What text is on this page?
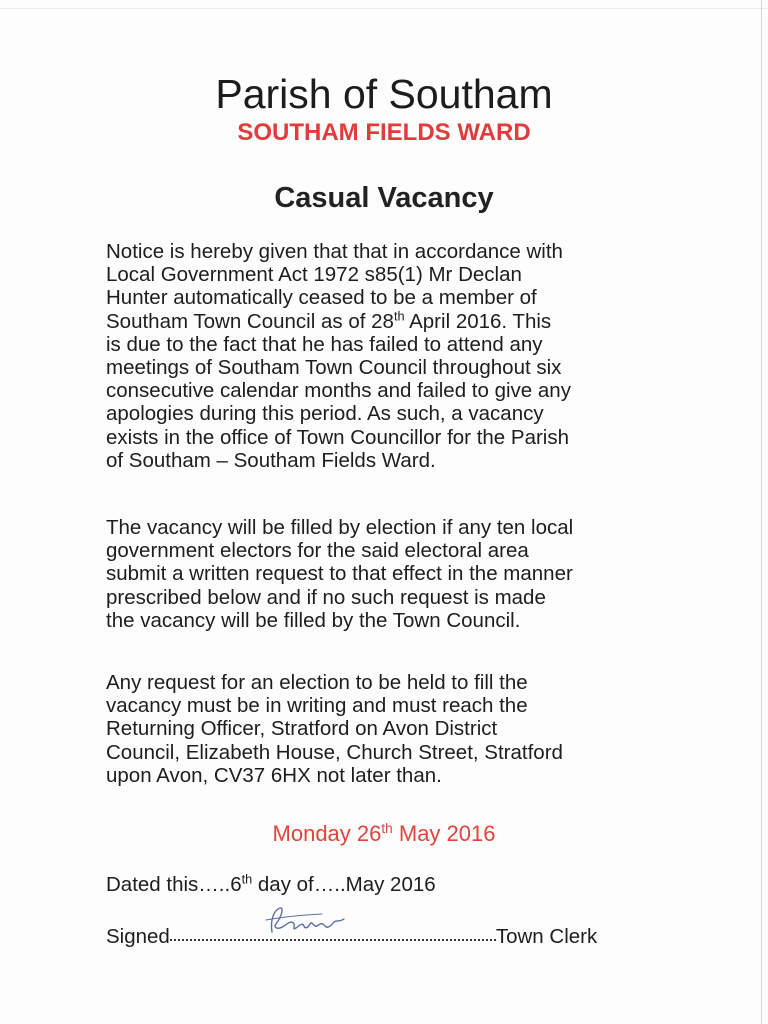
Parish of Southam
SOUTHAM FIELDS WARD
Casual Vacancy

Notice is hereby given that that in accordance with
Local Government Act 1972 s85(1) Mr Declan
Hunter automatically ceased to be a member of
Southam Town Council as of 28th April 2016. This
is due to the fact that he has failed to attend any
meetings of Southam Town Council throughout six
consecutive calendar months and failed to give any
apologies during this period. As such, a vacancy
exists in the office of Town Councillor for the Parish
of Southam – Southam Fields Ward.

The vacancy will be filled by election if any ten local
government electors for the said electoral area
submit a written request to that effect in the manner
prescribed below and if no such request is made
the vacancy will be filled by the Town Council.

Any request for an election to be held to fill the
vacancy must be in writing and must reach the
Returning Officer, Stratford on Avon District
Council, Elizabeth House, Church Street, Stratford
upon Avon, CV37 6HX not later than.

Monday 26th May 2016
Dated this…..6th day of…..May 2016
Signed	Town Clerk
